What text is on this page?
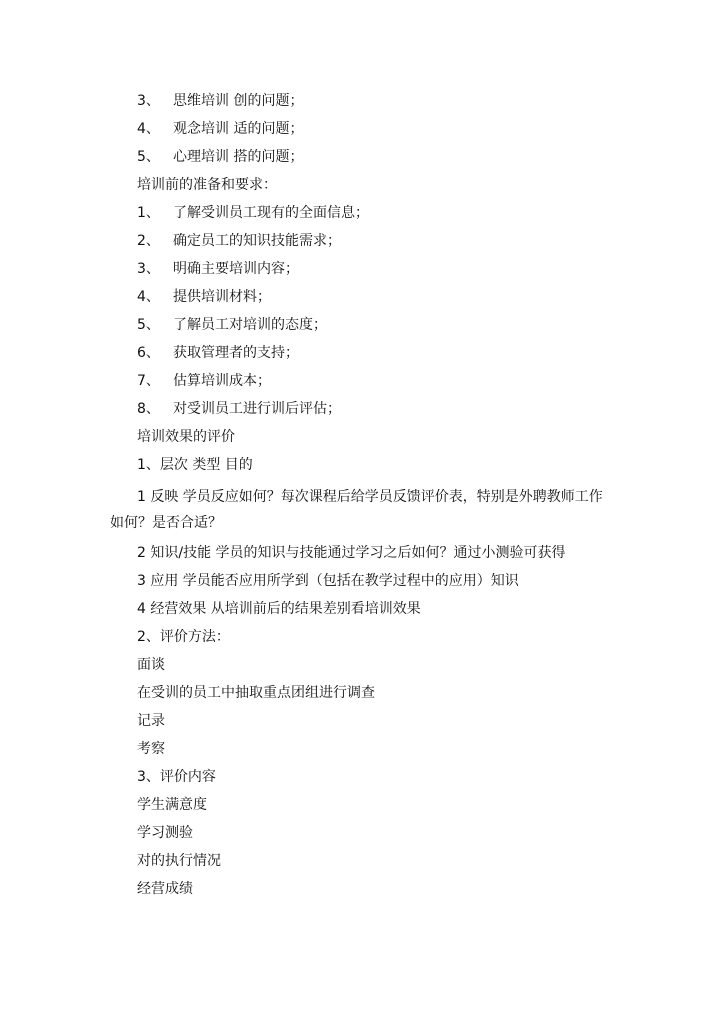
3、 思维培训 创的问题；
4、 观念培训 适的问题；
5、 心理培训 搭的问题；
培训前的准备和要求：
1、 了解受训员工现有的全面信息；
2、 确定员工的知识技能需求；
3、 明确主要培训内容；
4、 提供培训材料；
5、 了解员工对培训的态度；
6、 获取管理者的支持；
7、 估算培训成本；
8、 对受训员工进行训后评估；
培训效果的评价
1、层次 类型 目的
1 反映 学员反应如何？每次课程后给学员反馈评价表，特别是外聘教师工作
如何？是否合适？
2 知识/技能 学员的知识与技能通过学习之后如何？通过小测验可获得
3 应用 学员能否应用所学到（包括在教学过程中的应用）知识
4 经营效果 从培训前后的结果差别看培训效果
2、评价方法：
面谈
在受训的员工中抽取重点团组进行调查
记录
考察
3、评价内容
学生满意度
学习测验
对的执行情况
经营成绩
